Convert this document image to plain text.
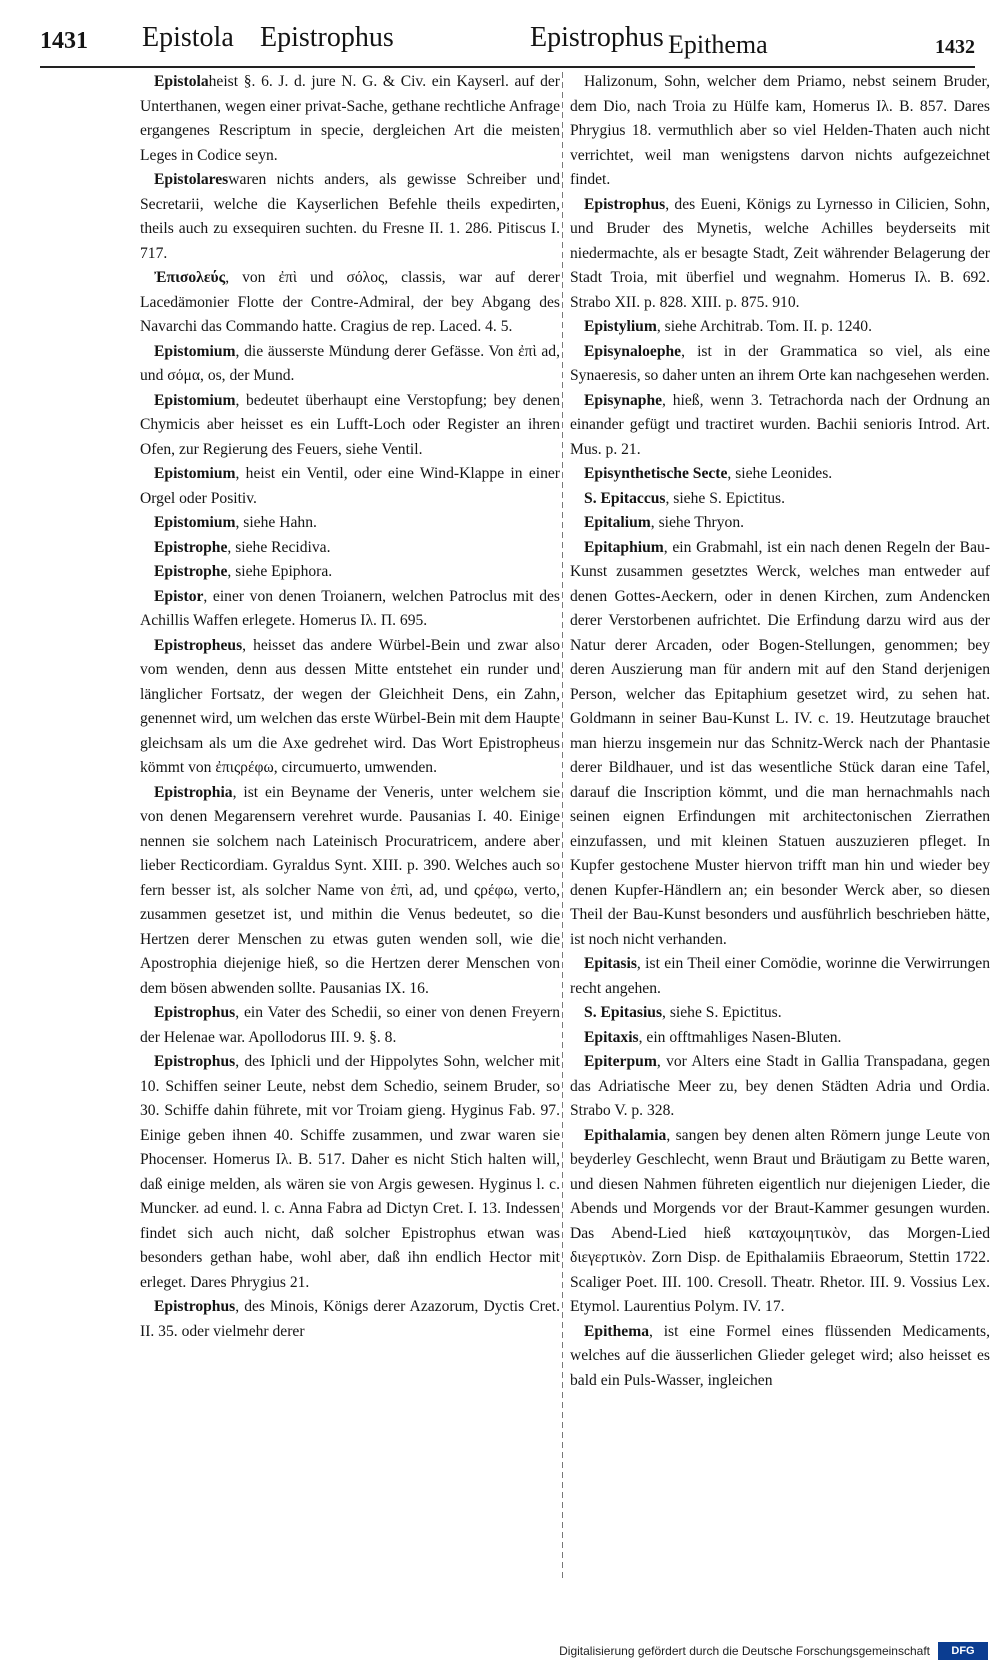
1431 Epistola Epistrophus	Epistrophus Epithema	1432

Epistolaheist §. 6. J. d. jure N. G. & Civ. ein Kayserl. auf der Unterthanen, wegen einer privat-Sache, gethane rechtliche Anfrage ergangenes Rescriptum in specie, dergleichen Art die meisten Leges in Codice seyn.

Epistolareswaren nichts anders, als gewisse Schreiber und Secretarii, welche die Kayserlichen Befehle theils expedirten, theils auch zu exsequiren suchten. du Fresne II. 1. 286. Pitiscus I. 717.

Ἐπισολεύς, von ἐπὶ und σόλος, classis, war auf derer Lacedämonier Flotte der Contre-Admiral, der bey Abgang des Navarchi das Commando hatte. Cragius de rep. Laced. 4. 5.

Epistomium, die äusserste Mündung derer Gefässe. Von ἐπὶ ad, und σόμα, os, der Mund.

Epistomium, bedeutet überhaupt eine Verstopfung; bey denen Chymicis aber heisset es ein Lufft-Loch oder Register an ihren Ofen, zur Regierung des Feuers, siehe Ventil.

Epistomium, heist ein Ventil, oder eine Wind-Klappe in einer Orgel oder Positiv.

Epistomium, siehe Hahn.

Epistrophe, siehe Recidiva.

Epistrophe, siehe Epiphora.

Epistor, einer von denen Troianern, welchen Patroclus mit des Achillis Waffen erlegete. Homerus Iλ. Π. 695.

Epistropheus, heisset das andere Würbel-Bein und zwar also vom wenden, denn aus dessen Mitte entstehet ein runder und länglicher Fortsatz, der wegen der Gleichheit Dens, ein Zahn, genennet wird, um welchen das erste Würbel-Bein mit dem Haupte gleichsam als um die Axe gedrehet wird. Das Wort Epistropheus kömmt von ἐπιςρέφω, circumuerto, umwenden.

Epistrophia, ist ein Beyname der Veneris, unter welchem sie von denen Megarensern verehret wurde. Pausanias I. 40. Einige nennen sie solchem nach Lateinisch Procuratricem, andere aber lieber Recticordiam. Gyraldus Synt. XIII. p. 390. Welches auch so fern besser ist, als solcher Name von ἐπὶ, ad, und ςρέφω, verto, zusammen gesetzet ist, und mithin die Venus bedeutet, so die Hertzen derer Menschen zu etwas guten wenden soll, wie die Apostrophia diejenige hieß, so die Hertzen derer Menschen von dem bösen abwenden sollte. Pausanias IX. 16.

Epistrophus, ein Vater des Schedii, so einer von denen Freyern der Helenae war. Apollodorus III. 9. §. 8.

Epistrophus, des Iphicli und der Hippolytes Sohn, welcher mit 10. Schiffen seiner Leute, nebst dem Schedio, seinem Bruder, so 30. Schiffe dahin führete, mit vor Troiam gieng. Hyginus Fab. 97. Einige geben ihnen 40. Schiffe zusammen, und zwar waren sie Phocenser. Homerus Iλ. B. 517. Daher es nicht Stich halten will, daß einige melden, als wären sie von Argis gewesen. Hyginus l. c. Muncker. ad eund. l. c. Anna Fabra ad Dictyn Cret. I. 13. Indessen findet sich auch nicht, daß solcher Epistrophus etwan was besonders gethan habe, wohl aber, daß ihn endlich Hector mit erleget. Dares Phrygius 21.

Epistrophus, des Minois, Königs derer Azazorum, Dyctis Cret. II. 35. oder vielmehr derer

Halizonum, Sohn, welcher dem Priamo, nebst seinem Bruder, dem Dio, nach Troia zu Hülfe kam, Homerus Iλ. B. 857. Dares Phrygius 18. vermuthlich aber so viel Helden-Thaten auch nicht verrichtet, weil man wenigstens darvon nichts aufgezeichnet findet.

Epistrophus, des Eueni, Königs zu Lyrnesso in Cilicien, Sohn, und Bruder des Mynetis, welche Achilles beyderseits mit niedermachte, als er besagte Stadt, Zeit währender Belagerung der Stadt Troia, mit überfiel und wegnahm. Homerus Iλ. B. 692. Strabo XII. p. 828. XIII. p. 875. 910.

Epistylium, siehe Architrab. Tom. II. p. 1240.

Episynaloephe, ist in der Grammatica so viel, als eine Synaeresis, so daher unten an ihrem Orte kan nachgesehen werden.

Episynaphe, hieß, wenn 3. Tetrachorda nach der Ordnung an einander gefügt und tractiret wurden. Bachii senioris Introd. Art. Mus. p. 21.

Episynthetische Secte, siehe Leonides.

S. Epitaccus, siehe S. Epictitus.

Epitalium, siehe Thryon.

Epitaphium, ein Grabmahl, ist ein nach denen Regeln der Bau-Kunst zusammen gesetztes Werck, welches man entweder auf denen Gottes-Aeckern, oder in denen Kirchen, zum Andencken derer Verstorbenen aufrichtet. Die Erfindung darzu wird aus der Natur derer Arcaden, oder Bogen-Stellungen, genommen; bey deren Auszierung man für andern mit auf den Stand derjenigen Person, welcher das Epitaphium gesetzet wird, zu sehen hat. Goldmann in seiner Bau-Kunst L. IV. c. 19. Heutzutage brauchet man hierzu insgemein nur das Schnitz-Werck nach der Phantasie derer Bildhauer, und ist das wesentliche Stück daran eine Tafel, darauf die Inscription kömmt, und die man hernachmahls nach seinen eignen Erfindungen mit architectonischen Zierrathen einzufassen, und mit kleinen Statuen auszuzieren pfleget. In Kupfer gestochene Muster hiervon trifft man hin und wieder bey denen Kupfer-Händlern an; ein besonder Werck aber, so diesen Theil der Bau-Kunst besonders und ausführlich beschrieben hätte, ist noch nicht verhanden.

Epitasis, ist ein Theil einer Comödie, worinne die Verwirrungen recht angehen.

S. Epitasius, siehe S. Epictitus.

Epitaxis, ein offtmahliges Nasen-Bluten.

Epiterpum, vor Alters eine Stadt in Gallia Transpadana, gegen das Adriatische Meer zu, bey denen Städten Adria und Ordia. Strabo V. p. 328.

Epithalamia, sangen bey denen alten Römern junge Leute von beyderley Geschlecht, wenn Braut und Bräutigam zu Bette waren, und diesen Nahmen führeten eigentlich nur diejenigen Lieder, die Abends und Morgends vor der Braut-Kammer gesungen wurden. Das Abend-Lied hieß καταχοιμητικὸν, das Morgen-Lied διεγερτικὸν. Zorn Disp. de Epithalamiis Ebraeorum, Stettin 1722. Scaliger Poet. III. 100. Cresoll. Theatr. Rhetor. III. 9. Vossius Lex. Etymol. Laurentius Polym. IV. 17.

Epithema, ist eine Formel eines flüssenden Medicaments, welches auf die äusserlichen Glieder geleget wird; also heisset es bald ein Puls-Wasser, ingleichen

Digitalisierung gefördert durch die Deutsche Forschungsgemeinschaft	DFG
